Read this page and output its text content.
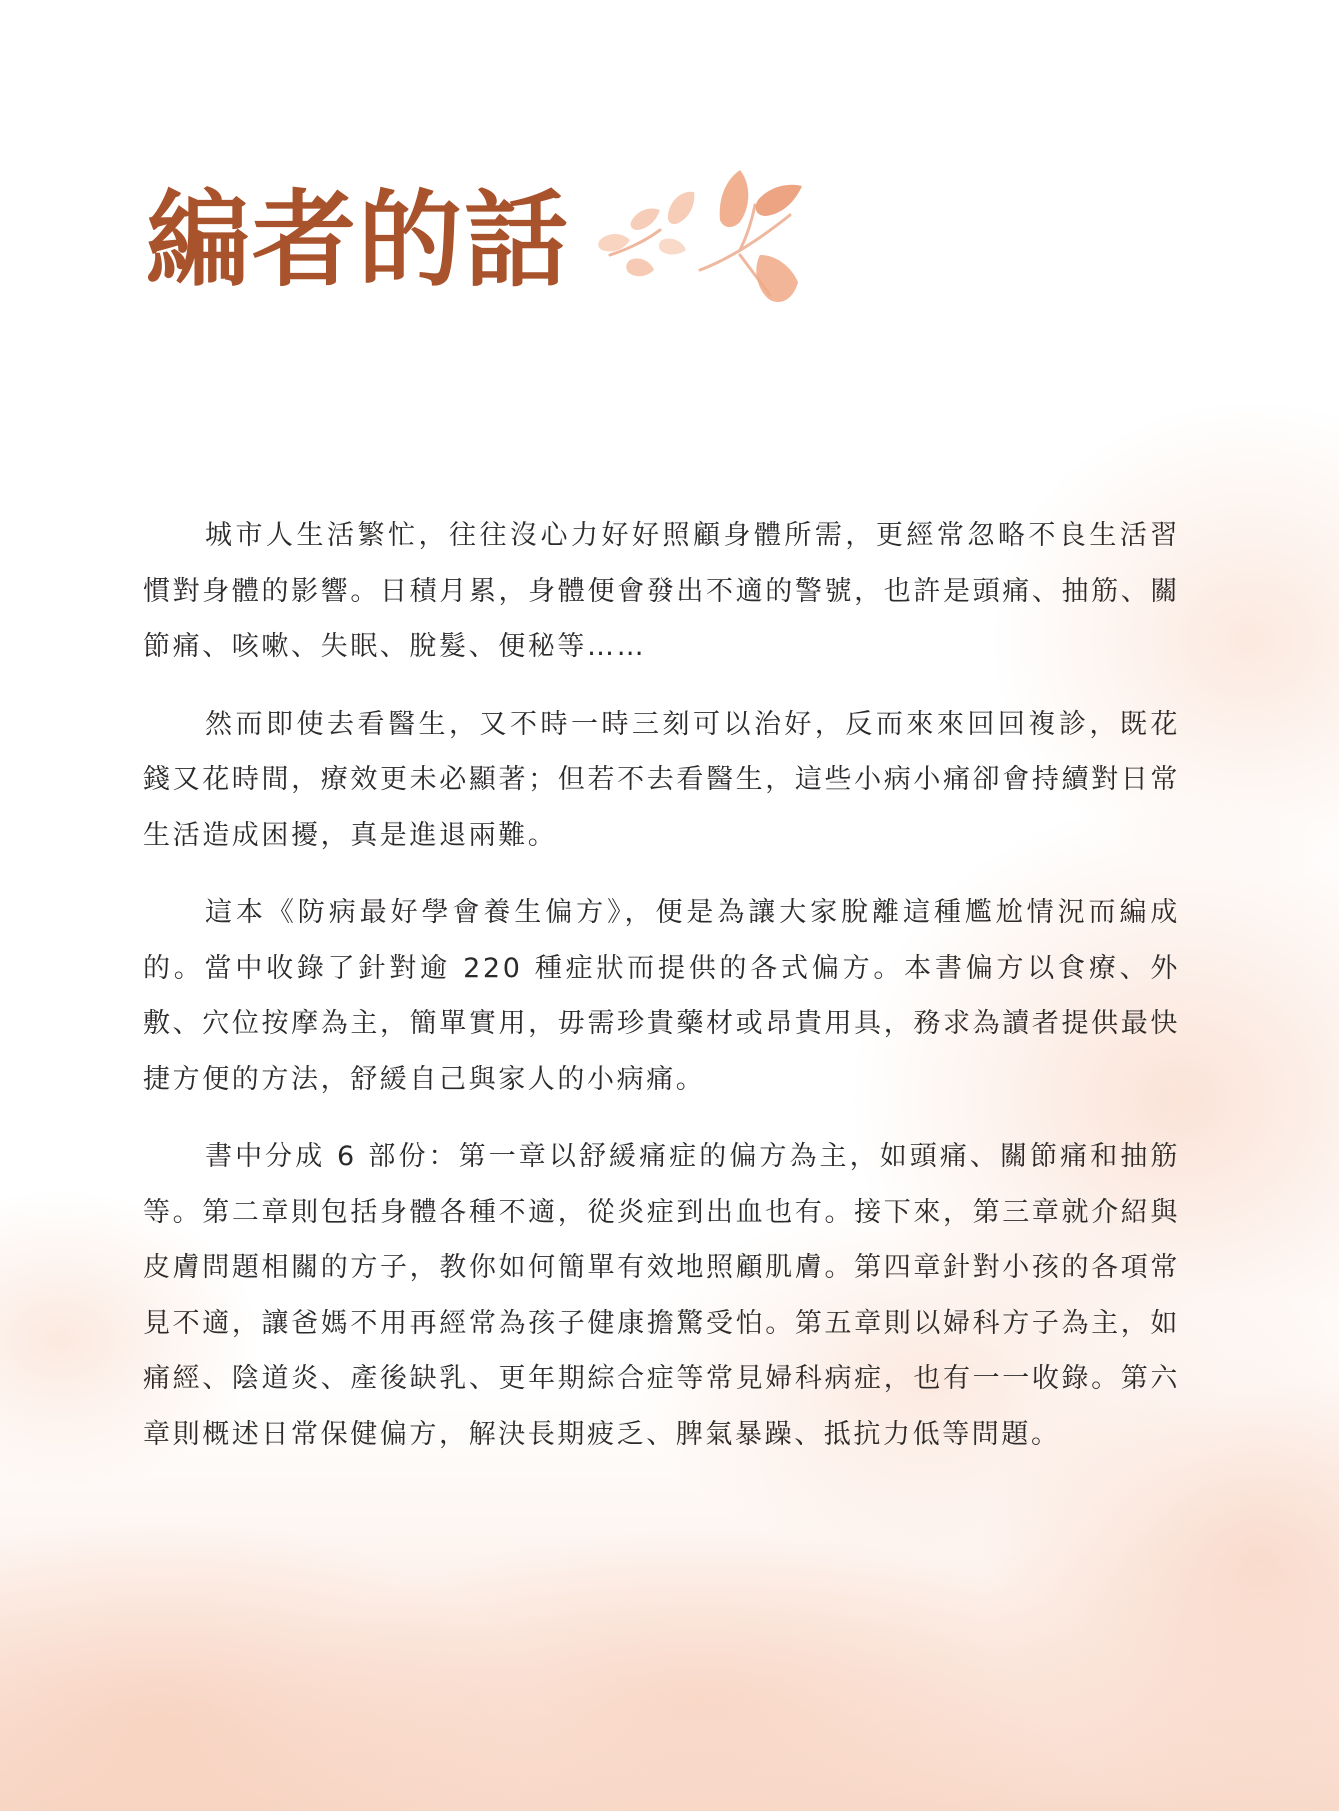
編者的話

城市人生活繁忙，往往沒心力好好照顧身體所需，更經常忽略不良生活習慣對身體的影響。日積月累，身體便會發出不適的警號，也許是頭痛、抽筋、關節痛、咳嗽、失眠、脫髮、便秘等……

然而即使去看醫生，又不時一時三刻可以治好，反而來來回回複診，既花錢又花時間，療效更未必顯著；但若不去看醫生，這些小病小痛卻會持續對日常生活造成困擾，真是進退兩難。

這本《防病最好學會養生偏方》，便是為讓大家脫離這種尷尬情況而編成的。當中收錄了針對逾 220 種症狀而提供的各式偏方。本書偏方以食療、外敷、穴位按摩為主，簡單實用，毋需珍貴藥材或昂貴用具，務求為讀者提供最快捷方便的方法，舒緩自己與家人的小病痛。

書中分成 6 部份：第一章以舒緩痛症的偏方為主，如頭痛、關節痛和抽筋等。第二章則包括身體各種不適，從炎症到出血也有。接下來，第三章就介紹與皮膚問題相關的方子，教你如何簡單有效地照顧肌膚。第四章針對小孩的各項常見不適，讓爸媽不用再經常為孩子健康擔驚受怕。第五章則以婦科方子為主，如痛經、陰道炎、產後缺乳、更年期綜合症等常見婦科病症，也有一一收錄。第六章則概述日常保健偏方，解決長期疲乏、脾氣暴躁、抵抗力低等問題。
